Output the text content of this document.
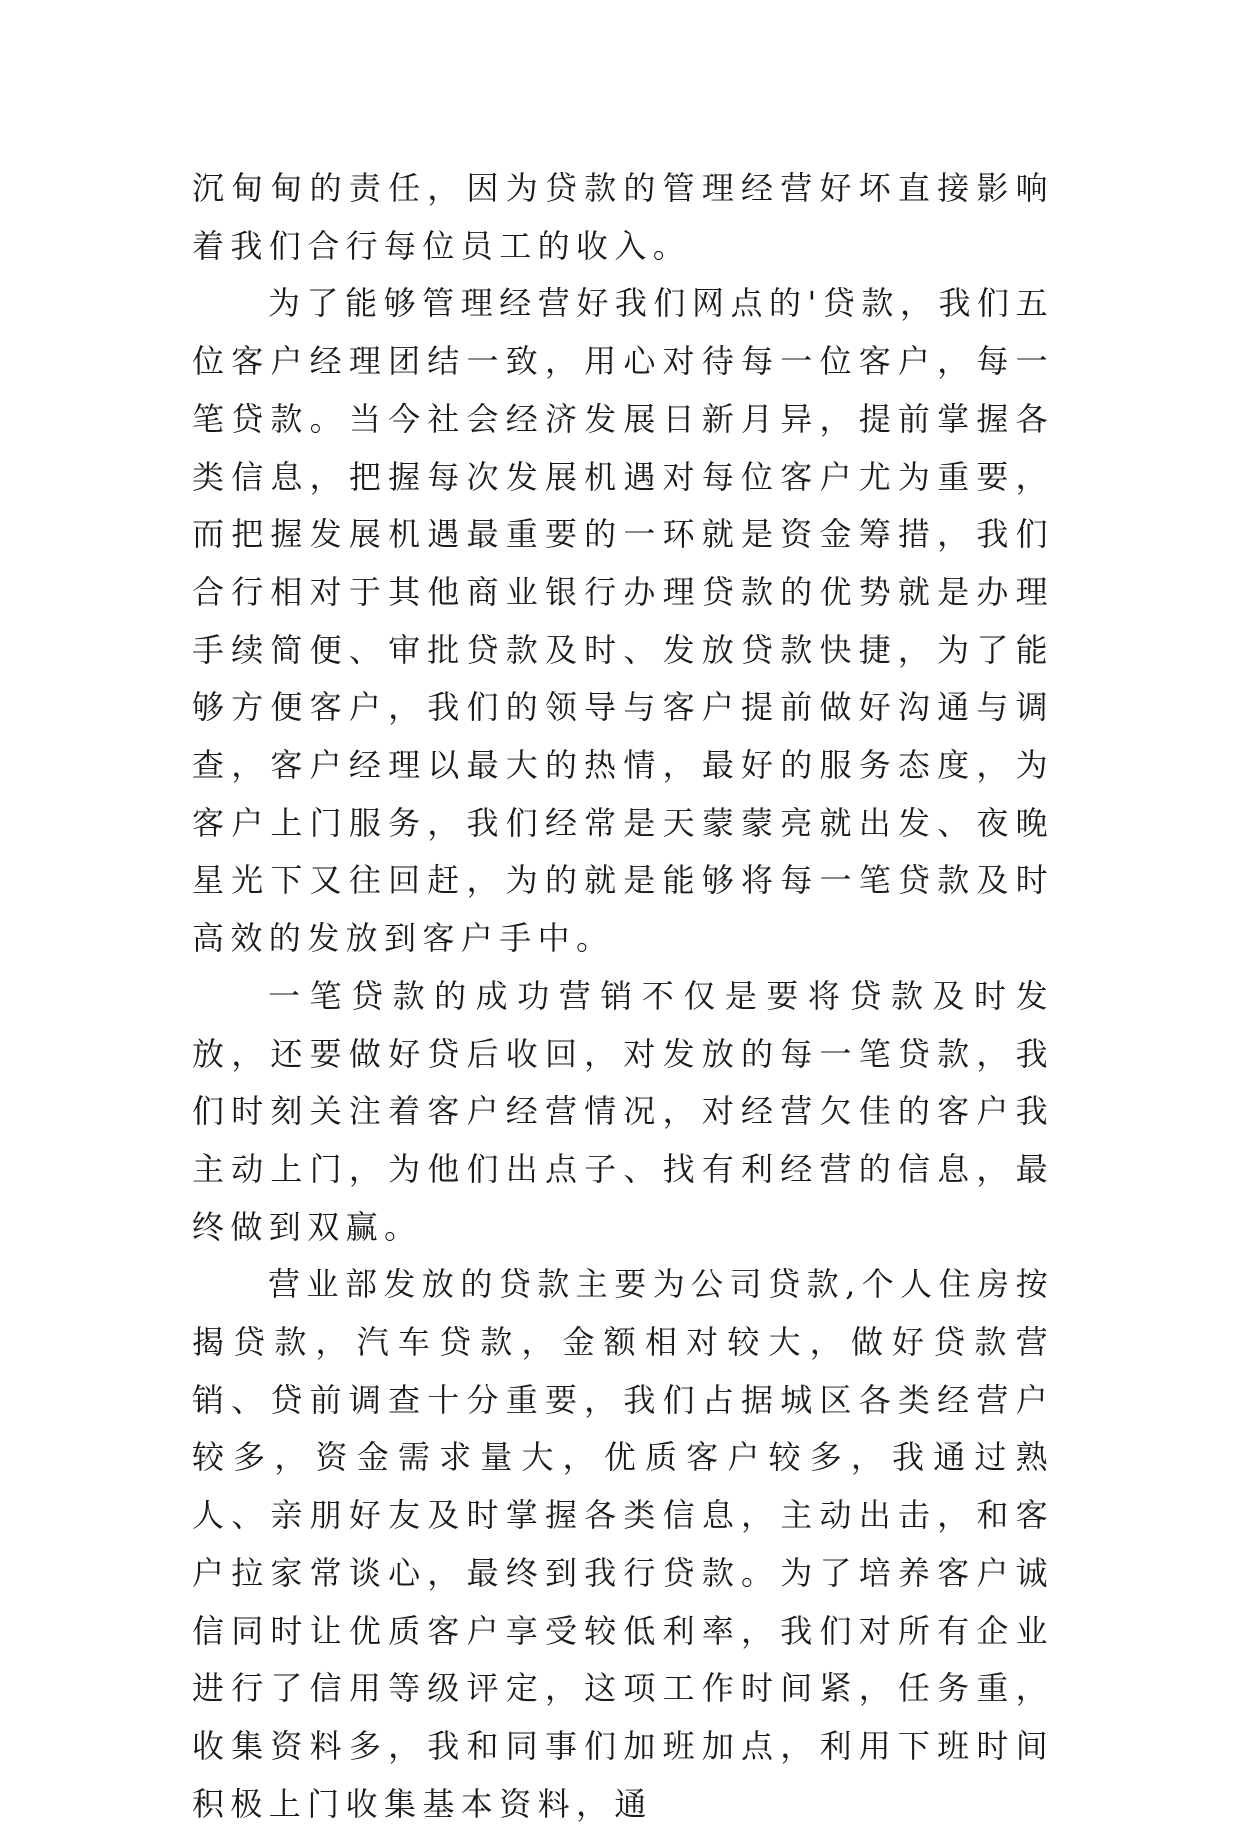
沉甸甸的责任，因为贷款的管理经营好坏直接影响着我们合行每位员工的收入。

为了能够管理经营好我们网点的'贷款，我们五位客户经理团结一致，用心对待每一位客户，每一笔贷款。当今社会经济发展日新月异，提前掌握各类信息，把握每次发展机遇对每位客户尤为重要，而把握发展机遇最重要的一环就是资金筹措，我们合行相对于其他商业银行办理贷款的优势就是办理手续简便、审批贷款及时、发放贷款快捷，为了能够方便客户，我们的领导与客户提前做好沟通与调查，客户经理以最大的热情，最好的服务态度，为客户上门服务，我们经常是天蒙蒙亮就出发、夜晚星光下又往回赶，为的就是能够将每一笔贷款及时高效的发放到客户手中。

一笔贷款的成功营销不仅是要将贷款及时发放，还要做好贷后收回，对发放的每一笔贷款，我们时刻关注着客户经营情况，对经营欠佳的客户我主动上门，为他们出点子、找有利经营的信息，最终做到双赢。

营业部发放的贷款主要为公司贷款,个人住房按揭贷款，汽车贷款，金额相对较大，做好贷款营销、贷前调查十分重要，我们占据城区各类经营户较多，资金需求量大，优质客户较多，我通过熟人、亲朋好友及时掌握各类信息，主动出击，和客户拉家常谈心，最终到我行贷款。为了培养客户诚信同时让优质客户享受较低利率，我们对所有企业进行了信用等级评定，这项工作时间紧，任务重，收集资料多，我和同事们加班加点，利用下班时间积极上门收集基本资料，通
